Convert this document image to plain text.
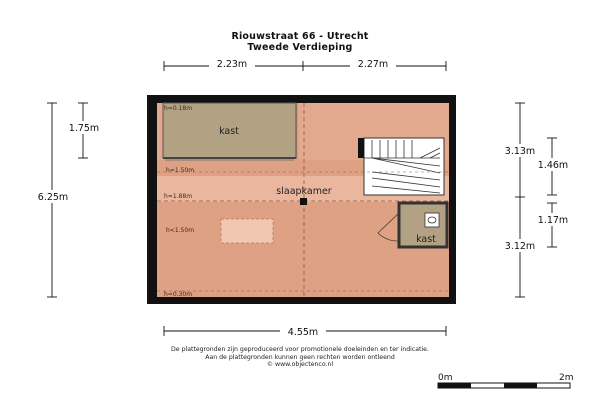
Riouwstraat 66 - Utrecht
Tweede Verdieping
kast
slaapkamer
kast
h=0.18m
h=1.50m
h=1.88m
h<1.50m
h=0.30m
2.23m	2.27m
6.25m
1.75m
3.13m
1.46m
1.17m
3.12m
4.55m
0m	2m
De plattegronden zijn geproduceerd voor promotionele doeleinden en ter indicatie.
Aan de plattegronden kunnen geen rechten worden ontleend
© www.objectenco.nl
